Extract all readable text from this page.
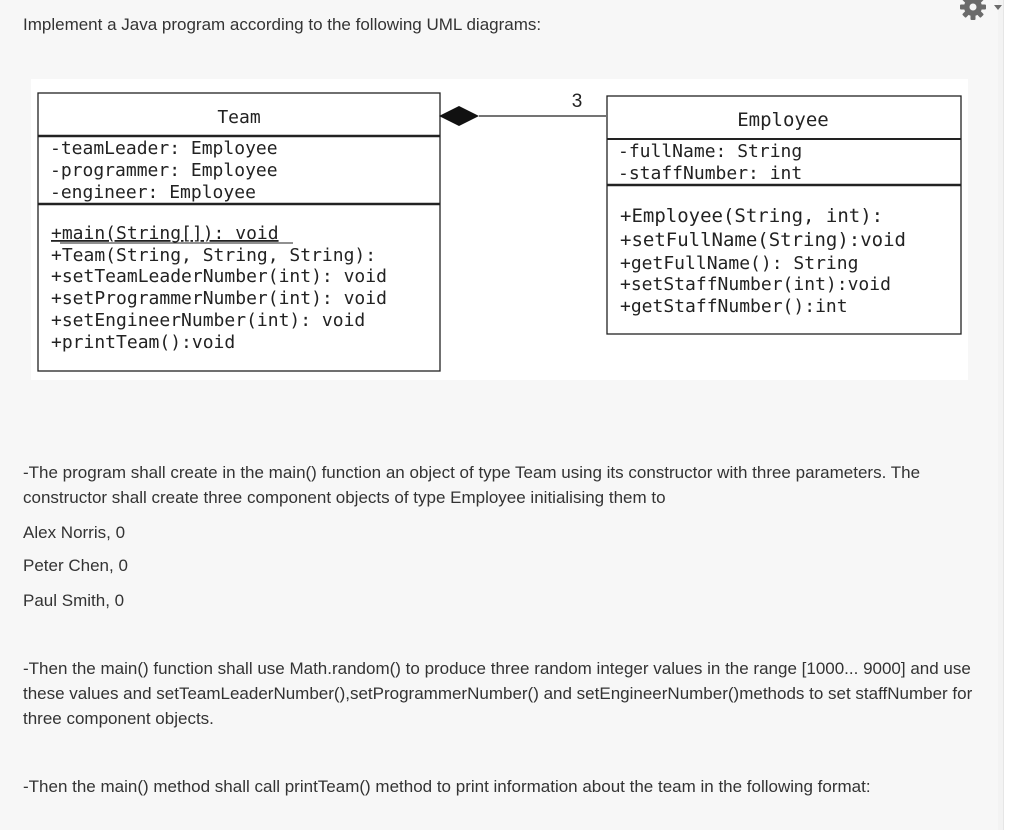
Implement a Java program according to the following UML diagrams:

Team
-teamLeader: Employee
-programmer: Employee
-engineer: Employee
+main(String[]): void
+Team(String, String, String):
+setTeamLeaderNumber(int): void
+setProgrammerNumber(int): void
+setEngineerNumber(int): void
+printTeam():void
3
Employee
-fullName: String
-staffNumber: int
+Employee(String, int):
+setFullName(String):void
+getFullName(): String
+setStaffNumber(int):void
+getStaffNumber():int

-The program shall create in the main() function an object of type Team using its constructor with three parameters. The constructor shall create three component objects of type Employee initialising them to

Alex Norris, 0

Peter Chen, 0

Paul Smith, 0

-Then the main() function shall use Math.random() to produce three random integer values in the range [1000... 9000] and use these values and setTeamLeaderNumber(),setProgrammerNumber() and setEngineerNumber()methods to set staffNumber for three component objects.

-Then the main() method shall call printTeam() method to print information about the team in the following format:
